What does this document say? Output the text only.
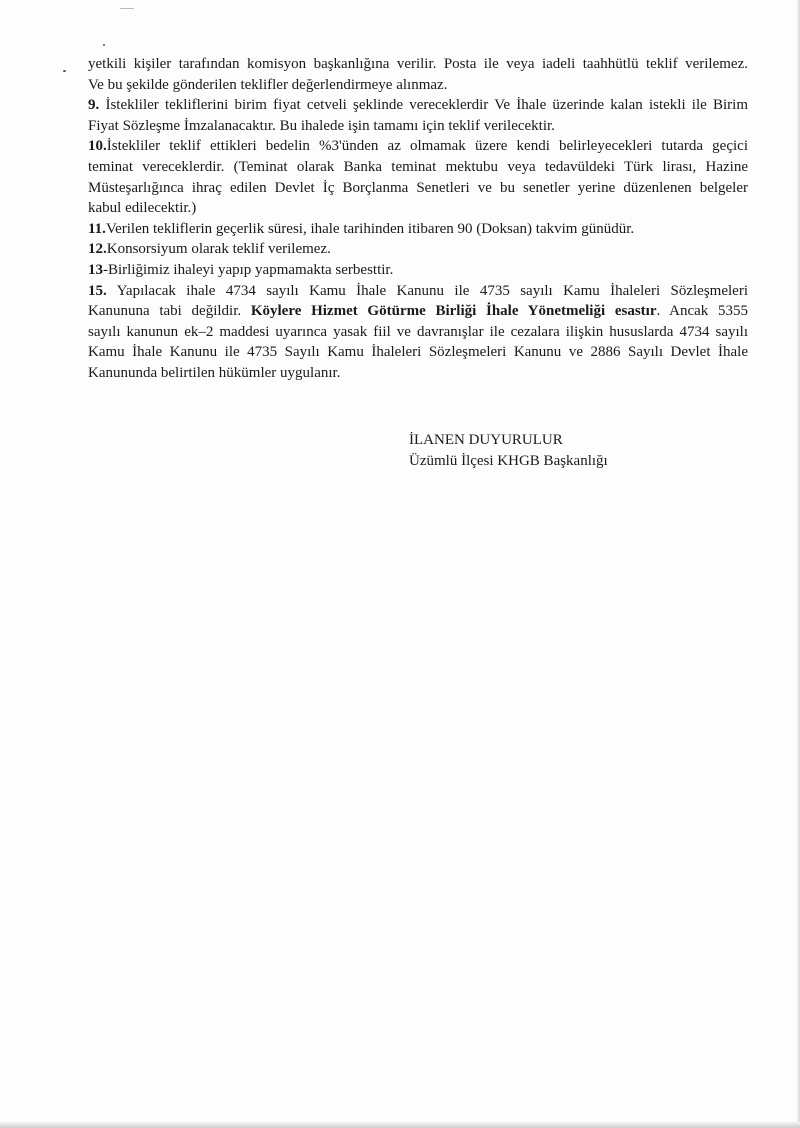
yetkili kişiler tarafından komisyon başkanlığına verilir. Posta ile veya iadeli taahhütlü teklif verilemez.

Ve bu şekilde gönderilen teklifler değerlendirmeye alınmaz.

9. İstekliler tekliflerini birim fiyat cetveli şeklinde vereceklerdir Ve İhale üzerinde kalan istekli ile Birim

Fiyat Sözleşme İmzalanacaktır. Bu ihalede işin tamamı için teklif verilecektir.

10.İstekliler teklif ettikleri bedelin %3'ünden az olmamak üzere kendi belirleyecekleri tutarda geçici

teminat vereceklerdir. (Teminat olarak Banka teminat mektubu veya tedavüldeki Türk lirası, Hazine

Müsteşarlığınca ihraç edilen Devlet İç Borçlanma Senetleri ve bu senetler yerine düzenlenen belgeler

kabul edilecektir.)

11.Verilen tekliflerin geçerlik süresi, ihale tarihinden itibaren 90 (Doksan) takvim günüdür.

12.Konsorsiyum olarak teklif verilemez.

13-Birliğimiz ihaleyi yapıp yapmamakta serbesttir.

15. Yapılacak ihale 4734 sayılı Kamu İhale Kanunu ile 4735 sayılı Kamu İhaleleri Sözleşmeleri

Kanununa tabi değildir. Köylere Hizmet Götürme Birliği İhale Yönetmeliği esastır. Ancak 5355

sayılı kanunun ek–2 maddesi uyarınca yasak fiil ve davranışlar ile cezalara ilişkin hususlarda 4734 sayılı

Kamu İhale Kanunu ile 4735 Sayılı Kamu İhaleleri Sözleşmeleri Kanunu ve 2886 Sayılı Devlet İhale

Kanununda belirtilen hükümler uygulanır.

İLANEN DUYURULUR

Üzümlü İlçesi KHGB Başkanlığı
